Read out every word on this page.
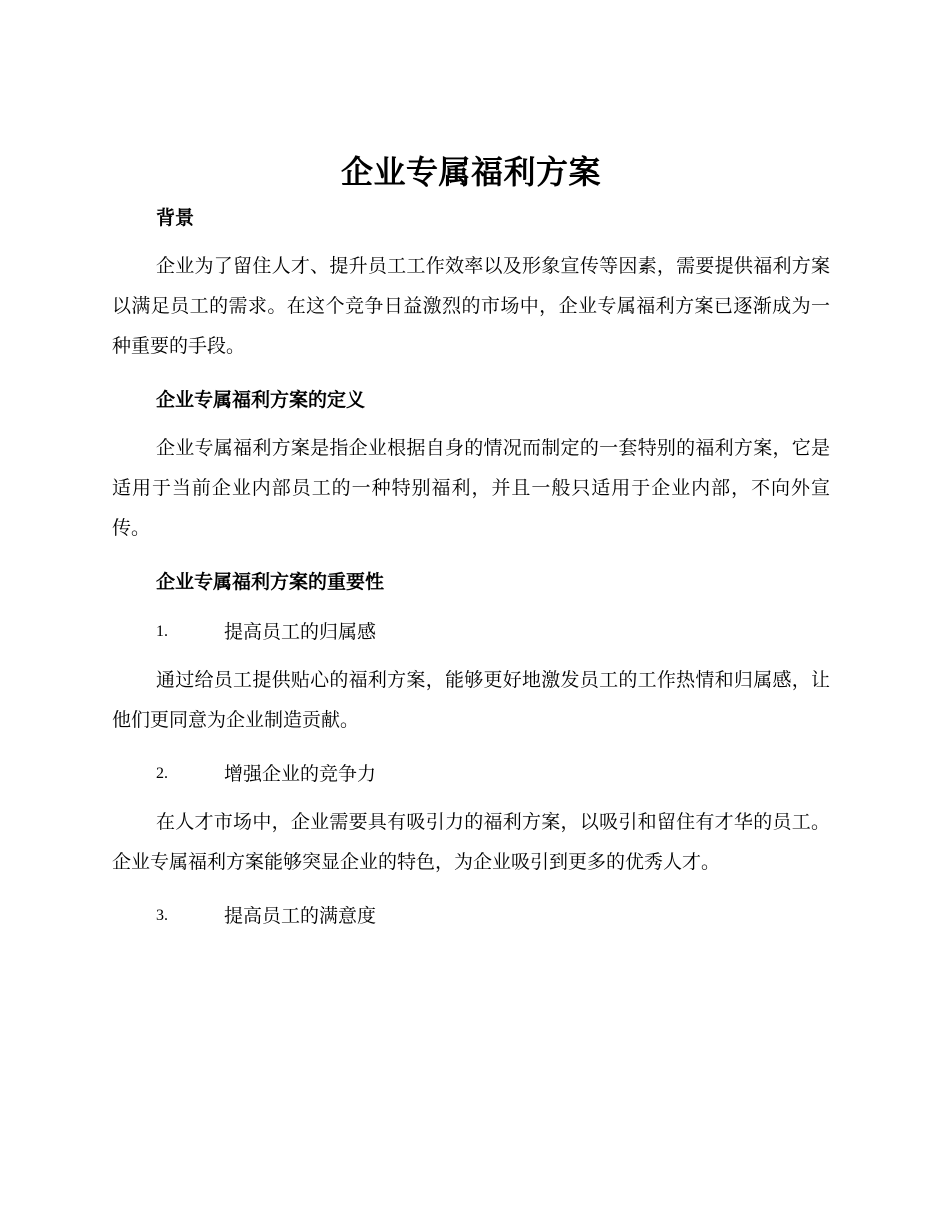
企业专属福利方案
背景

企业为了留住人才、提升员工工作效率以及形象宣传等因素，需要提供福利方案以满足员工的需求。在这个竞争日益激烈的市场中，企业专属福利方案已逐渐成为一种重要的手段。

企业专属福利方案的定义

企业专属福利方案是指企业根据自身的情况而制定的一套特别的福利方案，它是适用于当前企业内部员工的一种特别福利，并且一般只适用于企业内部，不向外宣传。

企业专属福利方案的重要性
1.	提高员工的归属感

通过给员工提供贴心的福利方案，能够更好地激发员工的工作热情和归属感，让他们更同意为企业制造贡献。

2.	增强企业的竞争力

在人才市场中，企业需要具有吸引力的福利方案，以吸引和留住有才华的员工。企业专属福利方案能够突显企业的特色，为企业吸引到更多的优秀人才。

3.	提高员工的满意度
